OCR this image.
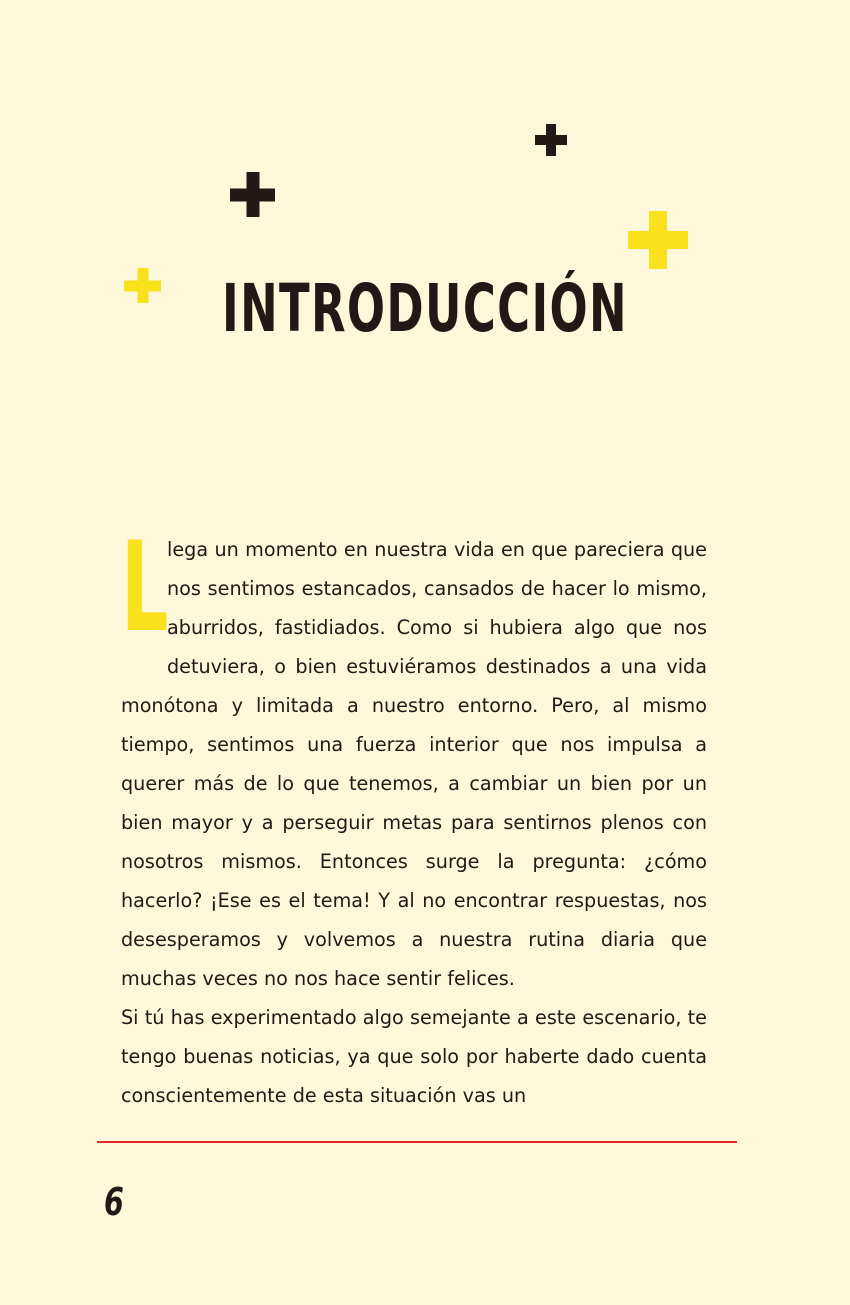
INTRODUCCIÓN

L
lega un momento en nuestra vida en que pareciera que nos sentimos estancados, cansados de hacer lo mismo, aburridos, fastidiados. Como si hubiera algo que nos detuviera, o bien estuviéramos destinados a una vida monótona y limitada a nuestro entorno. Pero, al mismo tiempo, sentimos una fuerza interior que nos impulsa a querer más de lo que tenemos, a cambiar un bien por un bien mayor y a perseguir metas para sentirnos plenos con nosotros mismos. Entonces surge la pregunta: ¿cómo hacerlo? ¡Ese es el tema! Y al no encontrar respuestas, nos desesperamos y volvemos a nuestra rutina diaria que muchas veces no nos hace sentir felices.

Si tú has experimentado algo semejante a este escenario, te tengo buenas noticias, ya que solo por haberte dado cuenta conscientemente de esta situación vas un

6
